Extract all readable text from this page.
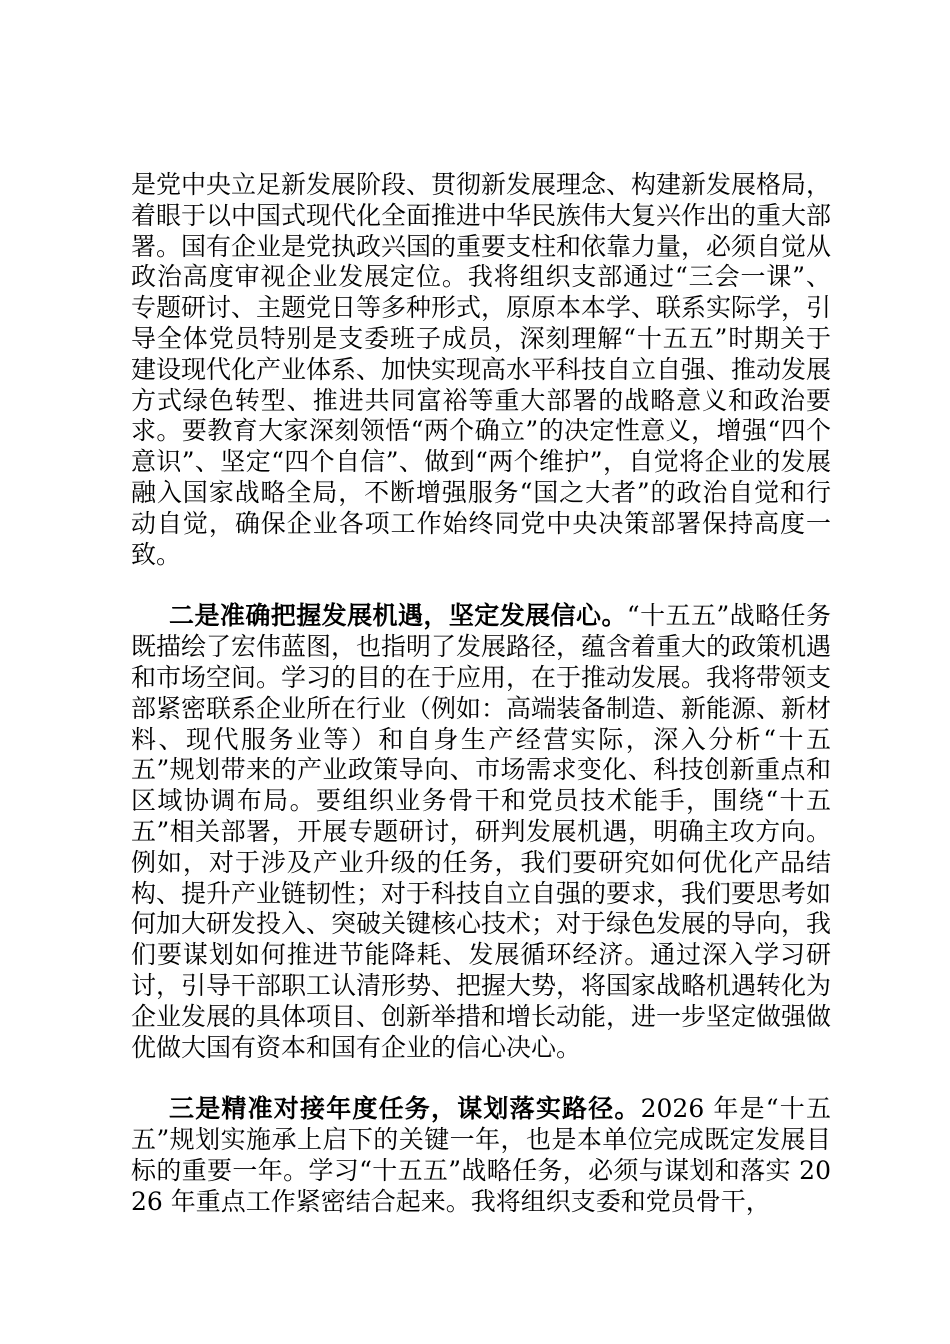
是党中央立足新发展阶段、贯彻新发展理念、构建新发展格局，着眼于以中国式现代化全面推进中华民族伟大复兴作出的重大部署。国有企业是党执政兴国的重要支柱和依靠力量，必须自觉从政治高度审视企业发展定位。我将组织支部通过“三会一课”、专题研讨、主题党日等多种形式，原原本本学、联系实际学，引导全体党员特别是支委班子成员，深刻理解“十五五”时期关于建设现代化产业体系、加快实现高水平科技自立自强、推动发展方式绿色转型、推进共同富裕等重大部署的战略意义和政治要求。要教育大家深刻领悟“两个确立”的决定性意义，增强“四个意识”、坚定“四个自信”、做到“两个维护”，自觉将企业的发展融入国家战略全局，不断增强服务“国之大者”的政治自觉和行动自觉，确保企业各项工作始终同党中央决策部署保持高度一致。

二是准确把握发展机遇，坚定发展信心。“十五五”战略任务既描绘了宏伟蓝图，也指明了发展路径，蕴含着重大的政策机遇和市场空间。学习的目的在于应用，在于推动发展。我将带领支部紧密联系企业所在行业（例如：高端装备制造、新能源、新材料、现代服务业等）和自身生产经营实际，深入分析“十五五”规划带来的产业政策导向、市场需求变化、科技创新重点和区域协调布局。要组织业务骨干和党员技术能手，围绕“十五五”相关部署，开展专题研讨，研判发展机遇，明确主攻方向。例如，对于涉及产业升级的任务，我们要研究如何优化产品结构、提升产业链韧性；对于科技自立自强的要求，我们要思考如何加大研发投入、突破关键核心技术；对于绿色发展的导向，我们要谋划如何推进节能降耗、发展循环经济。通过深入学习研讨，引导干部职工认清形势、把握大势，将国家战略机遇转化为企业发展的具体项目、创新举措和增长动能，进一步坚定做强做优做大国有资本和国有企业的信心决心。

三是精准对接年度任务，谋划落实路径。2026 年是“十五五”规划实施承上启下的关键一年，也是本单位完成既定发展目标的重要一年。学习“十五五”战略任务，必须与谋划和落实 2026 年重点工作紧密结合起来。我将组织支委和党员骨干，
